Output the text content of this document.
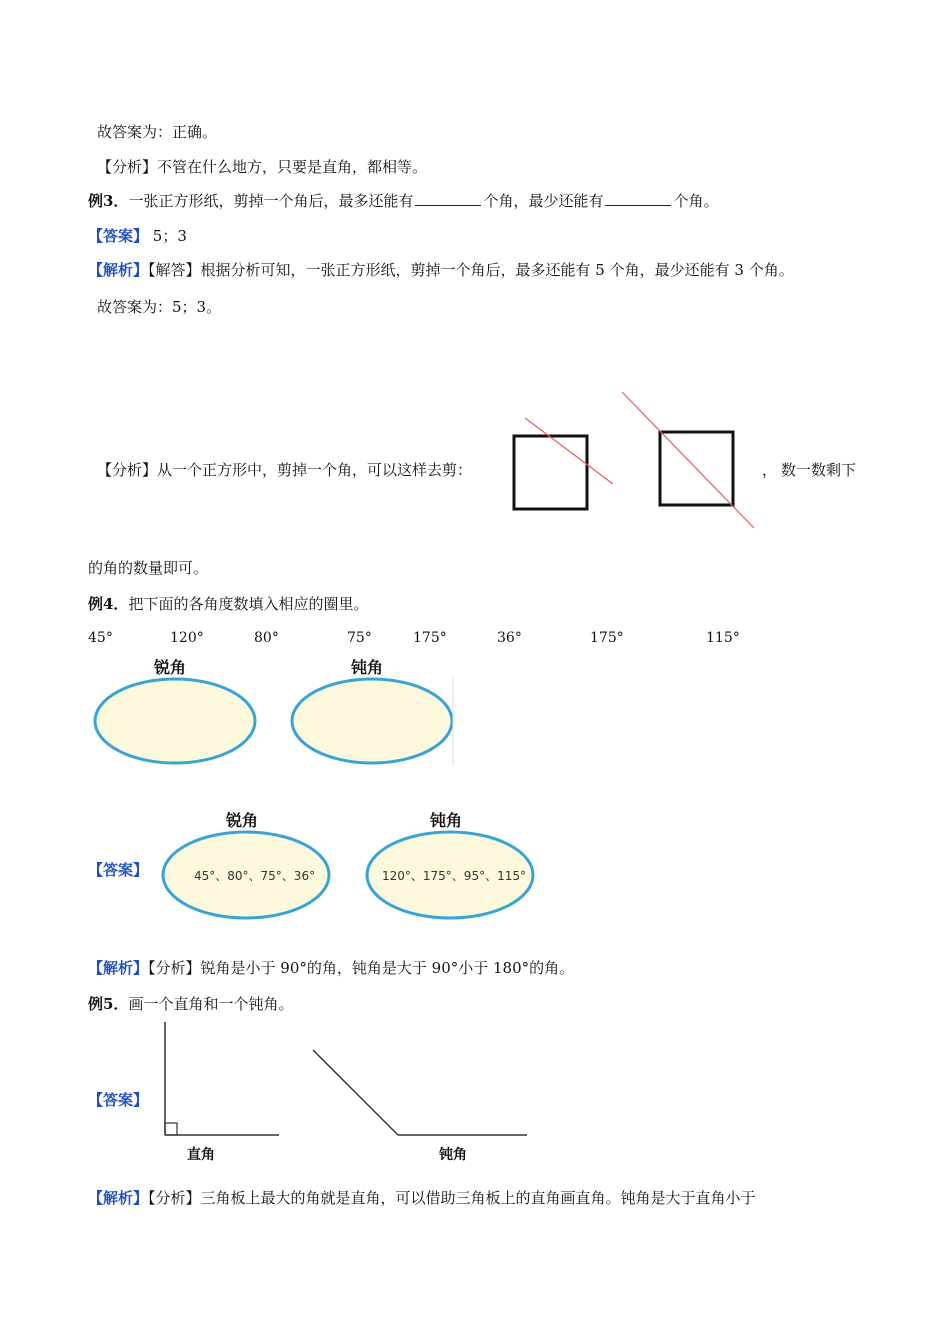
故答案为：正确。
【分析】不管在什么地方，只要是直角，都相等。
例3．一张正方形纸，剪掉一个角后，最多还能有	个角，最少还能有	个角。
【答案】 5；3
【解析】【解答】根据分析可知，一张正方形纸，剪掉一个角后，最多还能有 5 个角，最少还能有 3 个角。
故答案为：5；3。
【分析】从一个正方形中，剪掉一个角，可以这样去剪：	， 数一数剩下
的角的数量即可。
例4．把下面的各角度数填入相应的圈里。
45°	120°	80°	75°	175°	36°	175°	115°
锐角	钝角
【答案】
锐角	钝角
45°、80°、75°、36°	120°、175°、95°、115°
【解析】【分析】锐角是小于 90°的角，钝角是大于 90°小于 180°的角。
例5．画一个直角和一个钝角。
【答案】
直角	钝角
【解析】【分析】三角板上最大的角就是直角，可以借助三角板上的直角画直角。钝角是大于直角小于
